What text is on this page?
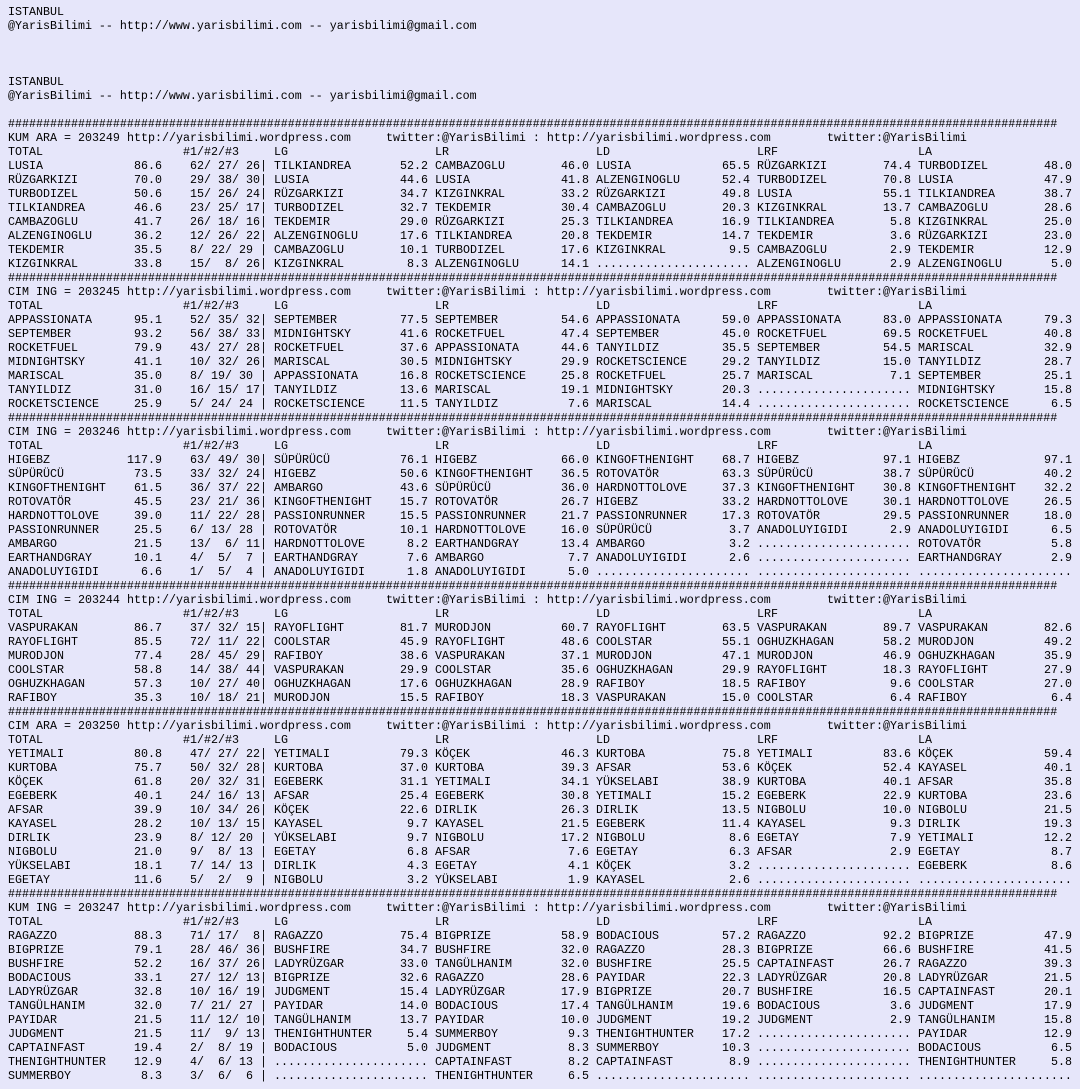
ISTANBUL
@YarisBilimi -- http://www.yarisbilimi.com -- yarisbilimi@gmail.com
ISTANBUL
@YarisBilimi -- http://www.yarisbilimi.com -- yarisbilimi@gmail.com
######################################################################################################################################################
KUM ARA = 203249 http://yarisbilimi.wordpress.com	twitter:@YarisBilimi : http://yarisbilimi.wordpress.com	twitter:@YarisBilimi
TOTAL	#1/#2/#3	LG	LR	LD	LRF	LA
LUSIA	86.6 62/ 27/ 26 | TILKIANDREA	52.2 CAMBAZOGLU	46.0 LUSIA	65.5 RÜZGARKIZI	74.4 TURBODIZEL	48.0
RÜZGARKIZI	70.0 29/ 38/ 30 | LUSIA	44.6 LUSIA	41.8 ALZENGINOGLU	52.4 TURBODIZEL	70.8 LUSIA	47.9
TURBODIZEL	50.6 15/ 26/ 24 | RÜZGARKIZI	34.7 KIZGINKRAL	33.2 RÜZGARKIZI	49.8 LUSIA	55.1 TILKIANDREA	38.7
TILKIANDREA	46.6 23/ 25/ 17 | TURBODIZEL	32.7 TEKDEMIR	30.4 CAMBAZOGLU	20.3 KIZGINKRAL	13.7 CAMBAZOGLU	28.6
CAMBAZOGLU	41.7 26/ 18/ 16 | TEKDEMIR	29.0 RÜZGARKIZI	25.3 TILKIANDREA	16.9 TILKIANDREA	5.8 KIZGINKRAL	25.0
ALZENGINOGLU	36.2 12/ 26/ 22 | ALZENGINOGLU	17.6 TILKIANDREA	20.8 TEKDEMIR	14.7 TEKDEMIR	3.6 RÜZGARKIZI	23.0
TEKDEMIR	35.5 8/ 22/ 29 | CAMBAZOGLU	10.1 TURBODIZEL	17.6 KIZGINKRAL	9.5 CAMBAZOGLU	2.9 TEKDEMIR	12.9
KIZGINKRAL	33.8 15/  8/ 26 | KIZGINKRAL	8.3 ALZENGINOGLU	14.1 ...................... ALZENGINOGLU	2.9 ALZENGINOGLU	5.0
######################################################################################################################################################
CIM ING = 203245 http://yarisbilimi.wordpress.com	twitter:@YarisBilimi : http://yarisbilimi.wordpress.com	twitter:@YarisBilimi
TOTAL	#1/#2/#3	LG	LR	LD	LRF	LA
APPASSIONATA	95.1 52/ 35/ 32 | SEPTEMBER	77.5 SEPTEMBER	54.6 APPASSIONATA	59.0 APPASSIONATA	83.0 APPASSIONATA	79.3
SEPTEMBER	93.2 56/ 38/ 33 | MIDNIGHTSKY	41.6 ROCKETFUEL	47.4 SEPTEMBER	45.0 ROCKETFUEL	69.5 ROCKETFUEL	40.8
ROCKETFUEL	79.9 43/ 27/ 28 | ROCKETFUEL	37.6 APPASSIONATA	44.6 TANYILDIZ	35.5 SEPTEMBER	54.5 MARISCAL	32.9
MIDNIGHTSKY	41.1 10/ 32/ 26 | MARISCAL	30.5 MIDNIGHTSKY	29.9 ROCKETSCIENCE	29.2 TANYILDIZ	15.0 TANYILDIZ	28.7
MARISCAL	35.0 8/ 19/ 30 | APPASSIONATA	16.8 ROCKETSCIENCE	25.8 ROCKETFUEL	25.7 MARISCAL	7.1 SEPTEMBER	25.1
TANYILDIZ	31.0 16/ 15/ 17 | TANYILDIZ	13.6 MARISCAL	19.1 MIDNIGHTSKY	20.3 ...................... MIDNIGHTSKY	15.8
ROCKETSCIENCE	25.9 5/ 24/ 24 | ROCKETSCIENCE	11.5 TANYILDIZ	7.6 MARISCAL	14.4 ...................... ROCKETSCIENCE	6.5
######################################################################################################################################################
CIM ING = 203246 http://yarisbilimi.wordpress.com	twitter:@YarisBilimi : http://yarisbilimi.wordpress.com	twitter:@YarisBilimi
TOTAL	#1/#2/#3	LG	LR	LD	LRF	LA
HIGEBZ	117.9 63/ 49/ 30 | SÜPÜRÜCÜ	76.1 HIGEBZ	66.0 KINGOFTHENIGHT	68.7 HIGEBZ	97.1 HIGEBZ	97.1
SÜPÜRÜCÜ	73.5 33/ 32/ 24 | HIGEBZ	50.6 KINGOFTHENIGHT	36.5 ROTOVATÖR	63.3 SÜPÜRÜCÜ	38.7 SÜPÜRÜCÜ	40.2
KINGOFTHENIGHT	61.5 36/ 37/ 22 | AMBARGO	43.6 SÜPÜRÜCÜ	36.0 HARDNOTTOLOVE	37.3 KINGOFTHENIGHT	30.8 KINGOFTHENIGHT	32.2
ROTOVATÖR	45.5 23/ 21/ 36 | KINGOFTHENIGHT	15.7 ROTOVATÖR	26.7 HIGEBZ	33.2 HARDNOTTOLOVE	30.1 HARDNOTTOLOVE	26.5
HARDNOTTOLOVE	39.0 11/ 22/ 28 | PASSIONRUNNER	15.5 PASSIONRUNNER	21.7 PASSIONRUNNER	17.3 ROTOVATÖR	29.5 PASSIONRUNNER	18.0
PASSIONRUNNER	25.5 6/ 13/ 28 | ROTOVATÖR	10.1 HARDNOTTOLOVE	16.0 SÜPÜRÜCÜ	3.7 ANADOLUYIGIDI	2.9 ANADOLUYIGIDI	6.5
AMBARGO	21.5 13/  6/ 11 | HARDNOTTOLOVE	8.2 EARTHANDGRAY	13.4 AMBARGO	3.2 ...................... ROTOVATÖR	5.8
EARTHANDGRAY	10.1 4/  5/  7 | EARTHANDGRAY	7.6 AMBARGO	7.7 ANADOLUYIGIDI	2.6 ...................... EARTHANDGRAY	2.9
ANADOLUYIGIDI	6.6 1/  5/  4 | ANADOLUYIGIDI	1.8 ANADOLUYIGIDI	5.0 ...................... ...................... ......................
######################################################################################################################################################
CIM ING = 203244 http://yarisbilimi.wordpress.com	twitter:@YarisBilimi : http://yarisbilimi.wordpress.com	twitter:@YarisBilimi
TOTAL	#1/#2/#3	LG	LR	LD	LRF	LA
VASPURAKAN	86.7 37/ 32/ 15 | RAYOFLIGHT	81.7 MURODJON	60.7 RAYOFLIGHT	63.5 VASPURAKAN	89.7 VASPURAKAN	82.6
RAYOFLIGHT	85.5 72/ 11/ 22 | COOLSTAR	45.9 RAYOFLIGHT	48.6 COOLSTAR	55.1 OGHUZKHAGAN	58.2 MURODJON	49.2
MURODJON	77.4 28/ 45/ 29 | RAFIBOY	38.6 VASPURAKAN	37.1 MURODJON	47.1 MURODJON	46.9 OGHUZKHAGAN	35.9
COOLSTAR	58.8 14/ 38/ 44 | VASPURAKAN	29.9 COOLSTAR	35.6 OGHUZKHAGAN	29.9 RAYOFLIGHT	18.3 RAYOFLIGHT	27.9
OGHUZKHAGAN	57.3 10/ 27/ 40 | OGHUZKHAGAN	17.6 OGHUZKHAGAN	28.9 RAFIBOY	18.5 RAFIBOY	9.6 COOLSTAR	27.0
RAFIBOY	35.3 10/ 18/ 21 | MURODJON	15.5 RAFIBOY	18.3 VASPURAKAN	15.0 COOLSTAR	6.4 RAFIBOY	6.4
######################################################################################################################################################
CIM ARA = 203250 http://yarisbilimi.wordpress.com	twitter:@YarisBilimi : http://yarisbilimi.wordpress.com	twitter:@YarisBilimi
TOTAL	#1/#2/#3	LG	LR	LD	LRF	LA
YETIMALI	80.8 47/ 27/ 22 | YETIMALI	79.3 KÖÇEK	46.3 KURTOBA	75.8 YETIMALI	83.6 KÖÇEK	59.4
KURTOBA	75.7 50/ 32/ 28 | KURTOBA	37.0 KURTOBA	39.3 AFSAR	53.6 KÖÇEK	52.4 KAYASEL	40.1
KÖÇEK	61.8 20/ 32/ 31 | EGEBERK	31.1 YETIMALI	34.1 YÜKSELABI	38.9 KURTOBA	40.1 AFSAR	35.8
EGEBERK	40.1 24/ 16/ 13 | AFSAR	25.4 EGEBERK	30.8 YETIMALI	15.2 EGEBERK	22.9 KURTOBA	23.6
AFSAR	39.9 10/ 34/ 26 | KÖÇEK	22.6 DIRLIK	26.3 DIRLIK	13.5 NIGBOLU	10.0 NIGBOLU	21.5
KAYASEL	28.2 10/ 13/ 15 | KAYASEL	9.7 KAYASEL	21.5 EGEBERK	11.4 KAYASEL	9.3 DIRLIK	19.3
DIRLIK	23.9 8/ 12/ 20 | YÜKSELABI	9.7 NIGBOLU	17.2 NIGBOLU	8.6 EGETAY	7.9 YETIMALI	12.2
NIGBOLU	21.0 9/  8/ 13 | EGETAY	6.8 AFSAR	7.6 EGETAY	6.3 AFSAR	2.9 EGETAY	8.7
YÜKSELABI	18.1 7/ 14/ 13 | DIRLIK	4.3 EGETAY	4.1 KÖÇEK	3.2 ...................... EGEBERK	8.6
EGETAY	11.6 5/  2/  9 | NIGBOLU	3.2 YÜKSELABI	1.9 KAYASEL	2.6 ...................... ......................
######################################################################################################################################################
KUM ING = 203247 http://yarisbilimi.wordpress.com	twitter:@YarisBilimi : http://yarisbilimi.wordpress.com	twitter:@YarisBilimi
TOTAL	#1/#2/#3	LG	LR	LD	LRF	LA
RAGAZZO	88.3 71/ 17/  8 | RAGAZZO	75.4 BIGPRIZE	58.9 BODACIOUS	57.2 RAGAZZO	92.2 BIGPRIZE	47.9
BIGPRIZE	79.1 28/ 46/ 36 | BUSHFIRE	34.7 BUSHFIRE	32.0 RAGAZZO	28.3 BIGPRIZE	66.6 BUSHFIRE	41.5
BUSHFIRE	52.2 16/ 37/ 26 | LADYRÜZGAR	33.0 TANGÜLHANIM	32.0 BUSHFIRE	25.5 CAPTAINFAST	26.7 RAGAZZO	39.3
BODACIOUS	33.1 27/ 12/ 13 | BIGPRIZE	32.6 RAGAZZO	28.6 PAYIDAR	22.3 LADYRÜZGAR	20.8 LADYRÜZGAR	21.5
LADYRÜZGAR	32.8 10/ 16/ 19 | JUDGMENT	15.4 LADYRÜZGAR	17.9 BIGPRIZE	20.7 BUSHFIRE	16.5 CAPTAINFAST	20.1
TANGÜLHANIM	32.0 7/ 21/ 27 | PAYIDAR	14.0 BODACIOUS	17.4 TANGÜLHANIM	19.6 BODACIOUS	3.6 JUDGMENT	17.9
PAYIDAR	21.5 11/ 12/ 10 | TANGÜLHANIM	13.7 PAYIDAR	10.0 JUDGMENT	19.2 JUDGMENT	2.9 TANGÜLHANIM	15.8
JUDGMENT	21.5 11/  9/ 13 | THENIGHTHUNTER	5.4 SUMMERBOY	9.3 THENIGHTHUNTER	17.2 ...................... PAYIDAR	12.9
CAPTAINFAST	19.4 2/  8/ 19 | BODACIOUS	5.0 JUDGMENT	8.3 SUMMERBOY	10.3 ...................... BODACIOUS	6.5
THENIGHTHUNTER	12.9 4/  6/ 13 | ...................... CAPTAINFAST	8.2 CAPTAINFAST	8.9 ...................... THENIGHTHUNTER	5.8
SUMMERBOY	8.3 3/  6/  6 | ...................... THENIGHTHUNTER	6.5 ...................... ...................... ......................
